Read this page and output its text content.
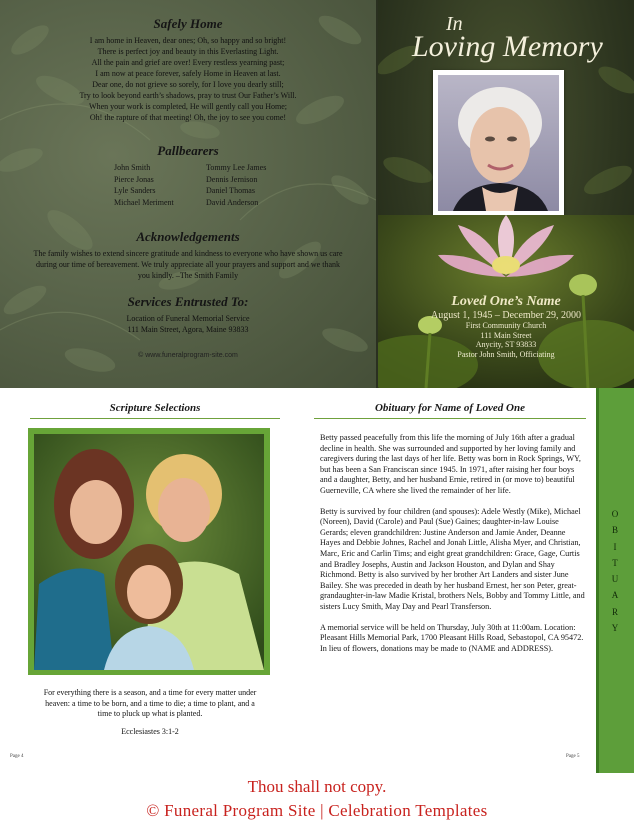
Safely Home
I am home in Heaven, dear ones; Oh, so happy and so bright!
There is perfect joy and beauty in this Everlasting Light.
All the pain and grief are over! Every restless yearning past;
I am now at peace forever, safely Home in Heaven at last.
Dear one, do not grieve so sorely, for I love you dearly still;
Try to look beyond earth’s shadows, pray to trust Our Father’s Will.
When your work is completed, He will gently call you Home;
Oh! the rapture of that meeting! Oh, the joy to see you come!
Pallbearers
John Smith
Pierce Jonas
Lyle Sanders
Michael Meriment
Tommy Lee James
Dennis Jernison
Daniel Thomas
David Anderson
Acknowledgements
The family wishes to extend sincere gratitude and kindness to everyone who have shown us care during our time of bereavement. We truly appreciate all your prayers and support and we thank you kindly. –The Smith Family
Services Entrusted To:
Location of Funeral Memorial Service
111 Main Street, Agora, Maine 93833
© www.funeralprogram-site.com
In
Loving Memory
Loved One’s Name
August 1, 1945 – December 29, 2000
First Community Church
111 Main Street
Anycity, ST 93833
Pastor John Smith, Officiating
Scripture Selections
For everything there is a season, and a time for every matter under heaven: a time to be born, and a time to die; a time to plant, and a time to pluck up what is planted.
Ecclesiastes 3:1-2
Page 4
Obituary for Name of Loved One

Betty passed peacefully from this life the morning of July 16th after a gradual decline in health. She was surrounded and supported by her loving family and caregivers during the last days of her life. Betty was born in Rock Springs, WY, but has been a San Franciscan since 1945. In 1971, after raising her four boys and a daughter, Betty, and her husband Ernie, retired in (or move to) beautiful Guerneville, CA where she lived the remainder of her life.

Betty is survived by four children (and spouses): Adele Westly (Mike), Michael (Noreen), David (Carole) and Paul (Sue) Gaines; daughter-in-law Louise Gerards; eleven grandchildren: Justine Anderson and Jamie Ander, Deanne Hayes and Debbie Johnes, Rachel and Jonah Little, Alisha Myer, and Christian, Marc, Eric and Carlin Tims; and eight great grandchildren: Grace, Gage, Curtis and Bradley Josephs, Austin and Jackson Houston, and Dylan and Shay Richmond. Betty is also survived by her brother Art Landers and sister June Bailey. She was preceded in death by her husband Ernest, her son Peter, great-grandaughter-in-law Madie Kristal, brothers Nels, Bobby and Tommy Little, and sisters Lucy Smith, May Day and Pearl Transferson.

A memorial service will be held on Thursday, July 30th at 11:00am. Location: Pleasant Hills Memorial Park, 1700 Pleasant Hills Road, Sebastopol, CA 95472. In lieu of flowers, donations may be made to (NAME and ADDRESS).

Page 5
O
B
I
T
U
A
R
Y
Thou shall not copy.
© Funeral Program Site | Celebration Templates
